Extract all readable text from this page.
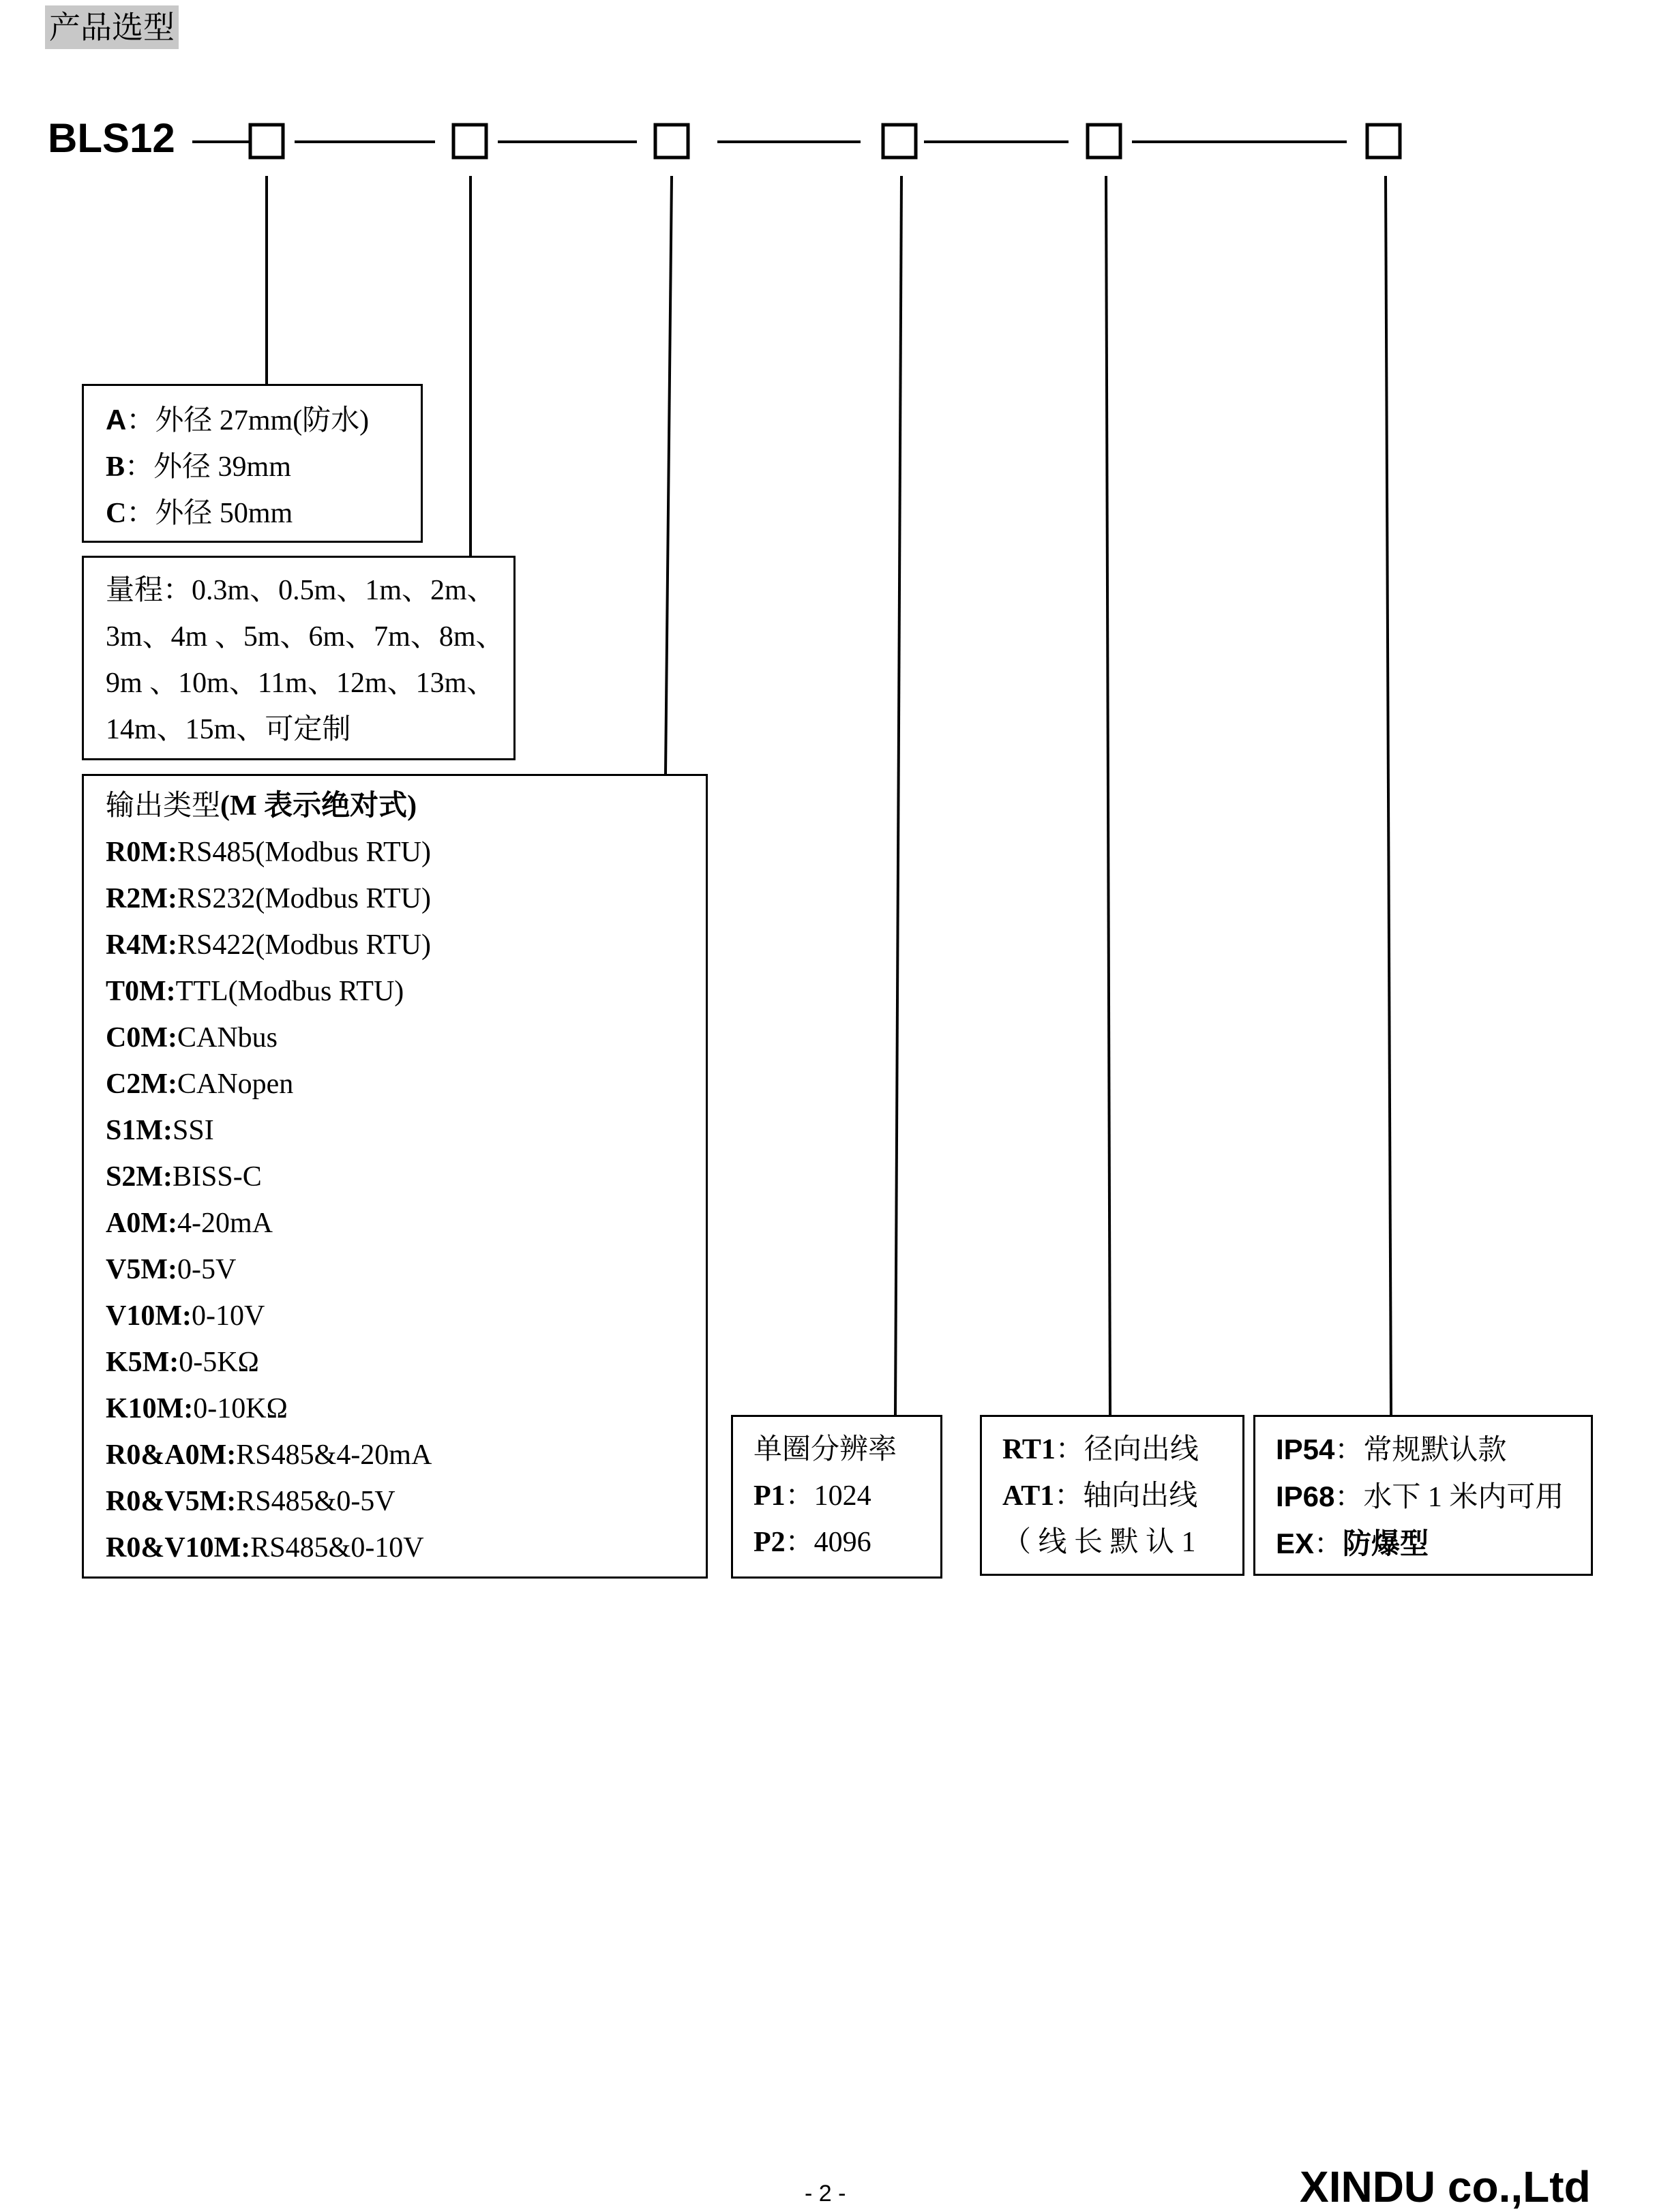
产品选型
BLS12
A：外径 27mm(防水)
B：外径 39mm
C：外径 50mm
量程：0.3m、0.5m、1m、2m、
3m、4m 、5m、6m、7m、8m、
9m 、10m、11m、12m、13m、
14m、15m、可定制
输出类型(M 表示绝对式)
R0M:RS485(Modbus RTU)
R2M:RS232(Modbus RTU)
R4M:RS422(Modbus RTU)
T0M:TTL(Modbus RTU)
C0M:CANbus
C2M:CANopen
S1M:SSI
S2M:BISS-C
A0M:4-20mA
V5M:0-5V
V10M:0-10V
K5M:0-5KΩ
K10M:0-10KΩ
R0&A0M:RS485&4-20mA
R0&V5M:RS485&0-5V
R0&V10M:RS485&0-10V
单圈分辨率
P1：1024
P2：4096
RT1：径向出线
AT1：轴向出线
（ 线 长 默 认 1
IP54：常规默认款
IP68：水下 1 米内可用
EX：防爆型
- 2 -	XINDU co.,Ltd
